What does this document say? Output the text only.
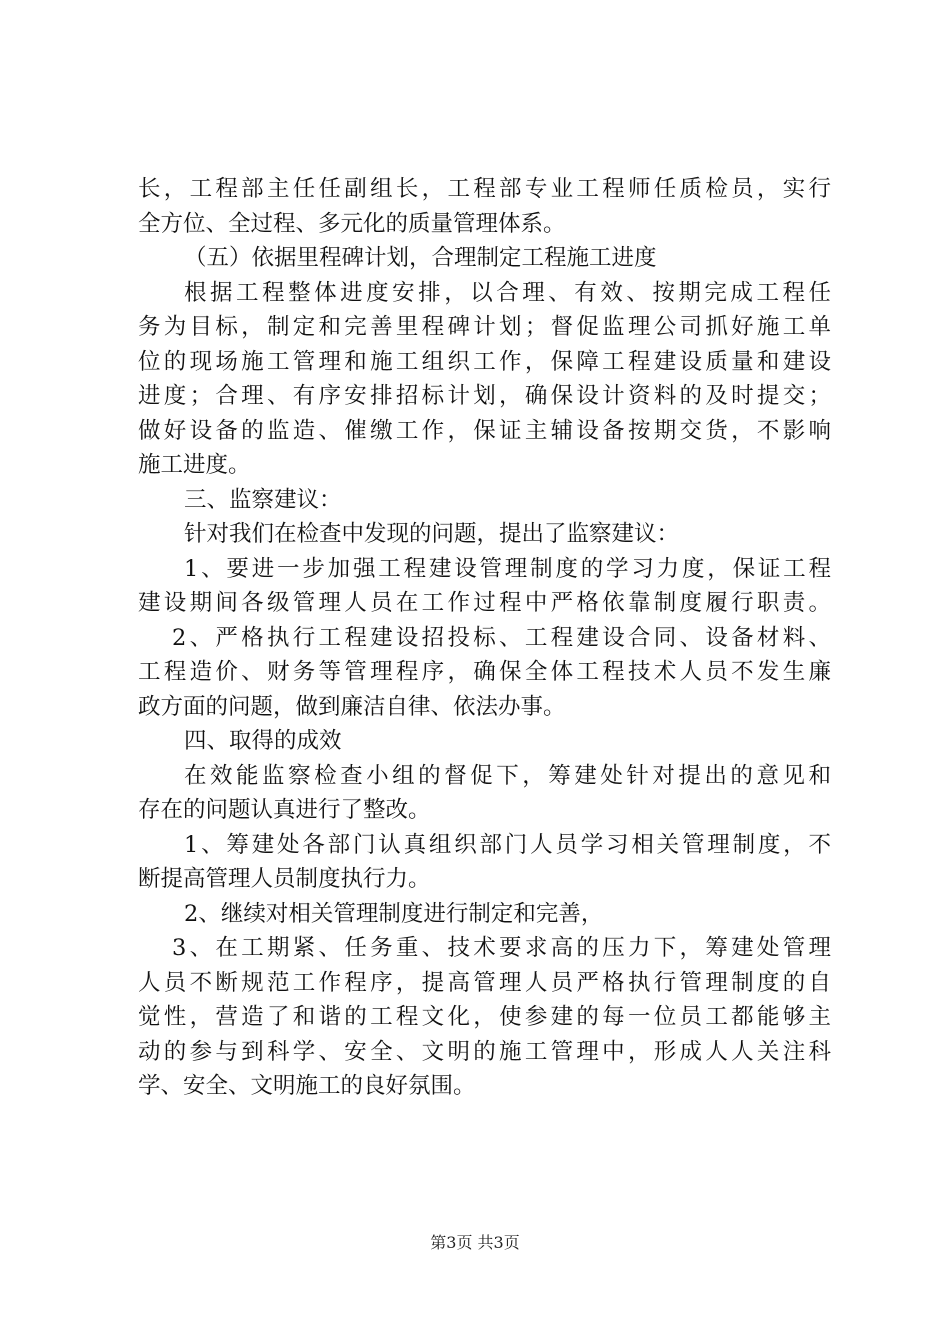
长，工程部主任任副组长，工程部专业工程师任质检员，实行
全方位、全过程、多元化的质量管理体系。
（五）依据里程碑计划，合理制定工程施工进度
根据工程整体进度安排，以合理、有效、按期完成工程任
务为目标，制定和完善里程碑计划；督促监理公司抓好施工单
位的现场施工管理和施工组织工作，保障工程建设质量和建设
进度；合理、有序安排招标计划，确保设计资料的及时提交；
做好设备的监造、催缴工作，保证主辅设备按期交货，不影响
施工进度。
三、监察建议：
针对我们在检查中发现的问题，提出了监察建议：
1、要进一步加强工程建设管理制度的学习力度，保证工程
建设期间各级管理人员在工作过程中严格依靠制度履行职责。
2、严格执行工程建设招投标、工程建设合同、设备材料、
工程造价、财务等管理程序，确保全体工程技术人员不发生廉
政方面的问题，做到廉洁自律、依法办事。
四、取得的成效
在效能监察检查小组的督促下，筹建处针对提出的意见和
存在的问题认真进行了整改。
1、筹建处各部门认真组织部门人员学习相关管理制度，不
断提高管理人员制度执行力。
2、继续对相关管理制度进行制定和完善，
3、在工期紧、任务重、技术要求高的压力下，筹建处管理
人员不断规范工作程序，提高管理人员严格执行管理制度的自
觉性，营造了和谐的工程文化，使参建的每一位员工都能够主
动的参与到科学、安全、文明的施工管理中，形成人人关注科
学、安全、文明施工的良好氛围。
第3页 共3页
